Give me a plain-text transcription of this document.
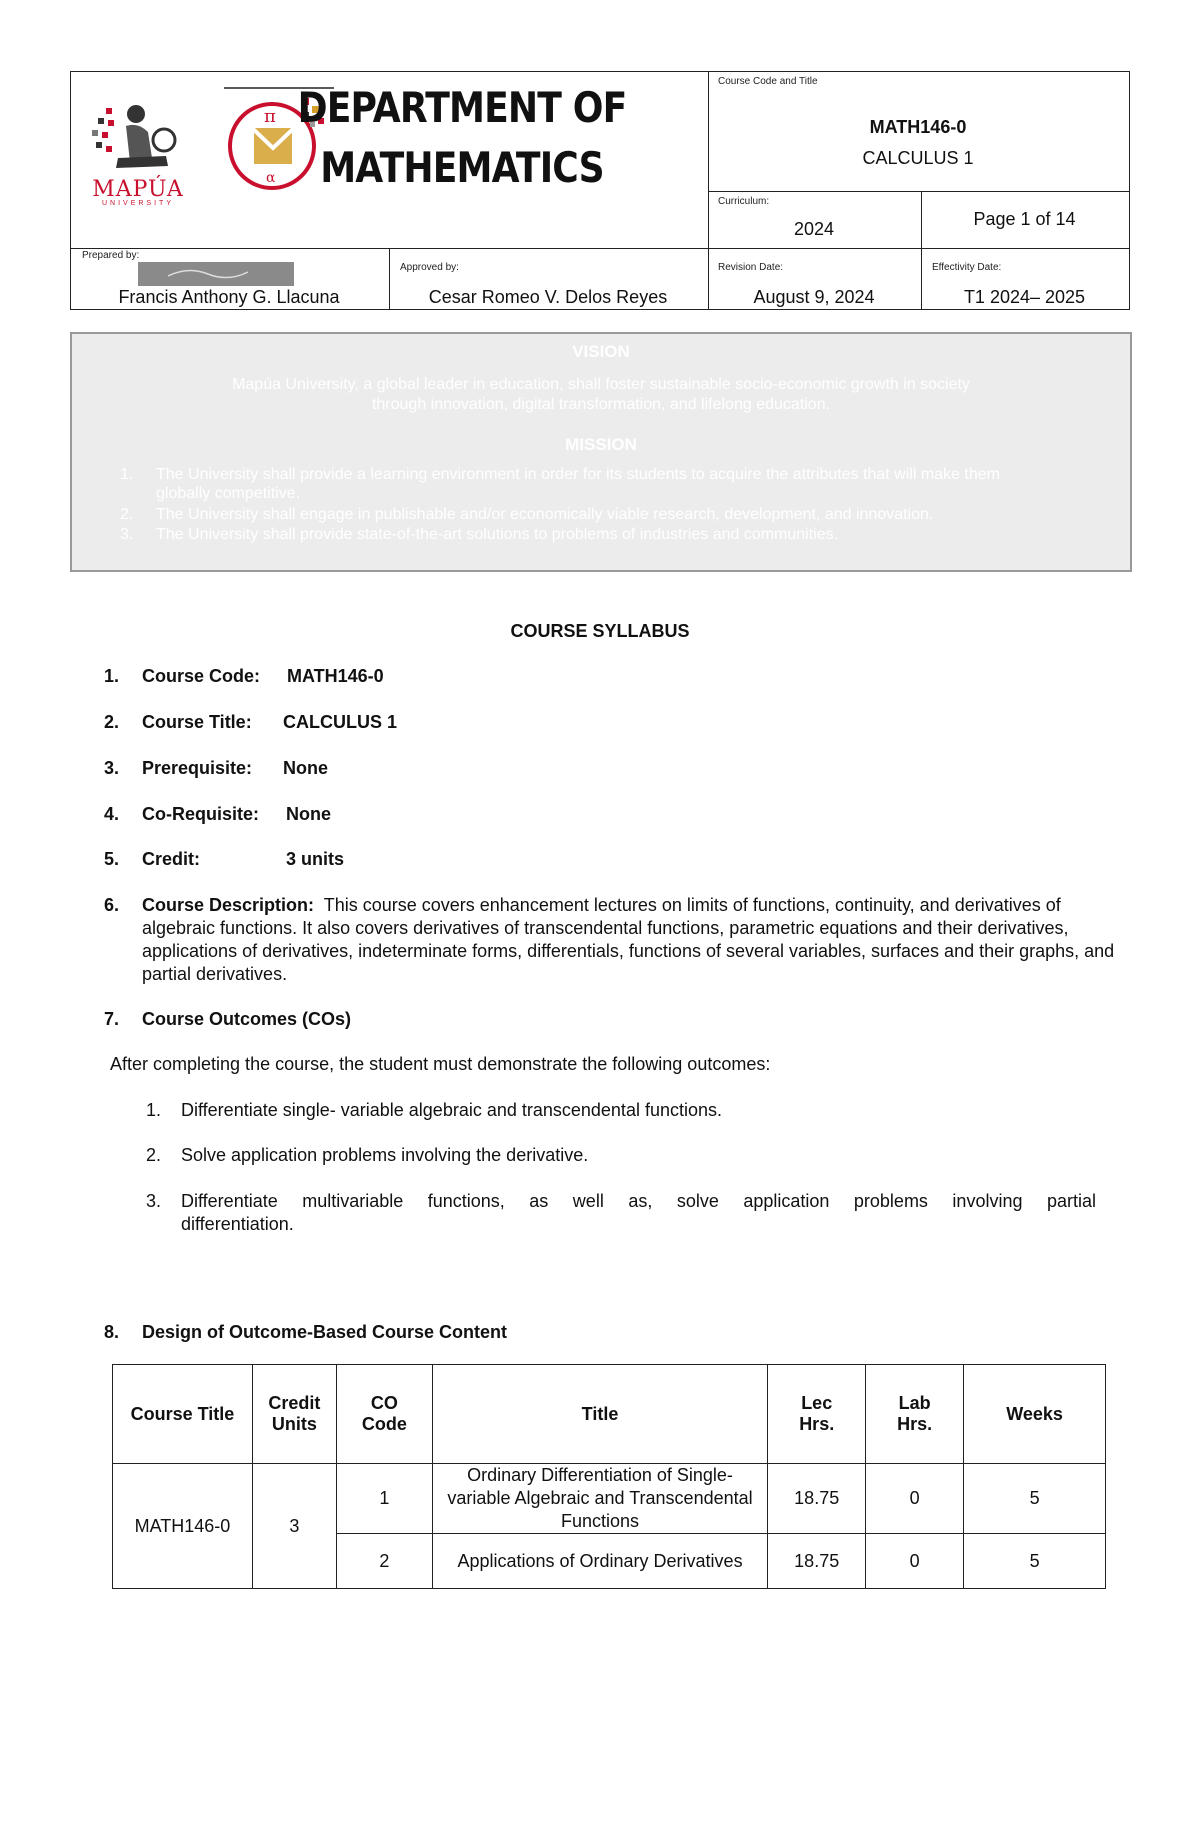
MAPÚA
UNIVERSITY
π
α
DEPARTMENT OF
MATHEMATICS
Course Code and Title
MATH146-0
CALCULUS 1
Curriculum:
2024	Page 1 of 14
Prepared by:
Francis Anthony G. Llacuna
Approved by:
Cesar Romeo V. Delos Reyes
Revision Date:
August 9, 2024
Effectivity Date:
T1 2024– 2025
VISION
Mapúa University, a global leader in education, shall foster sustainable socio-economic growth in society
through innovation, digital transformation, and lifelong education.
MISSION
1. The University shall provide a learning environment in order for its students to acquire the attributes that will make them
globally competitive.
2. The University shall engage in publishable and/or economically viable research, development, and innovation.
3. The University shall provide state-of-the-art solutions to problems of industries and communities.
COURSE SYLLABUS
1. Course Code: MATH146-0
2. Course Title: CALCULUS 1
3. Prerequisite: None
4. Co-Requisite: None
5. Credit:	3 units
6. Course Description: This course covers enhancement lectures on limits of functions, continuity, and derivatives of algebraic functions. It also covers derivatives of transcendental functions, parametric equations and their derivatives, applications of derivatives, indeterminate forms, differentials, functions of several variables, surfaces and their graphs, and partial derivatives.
7. Course Outcomes (COs)
After completing the course, the student must demonstrate the following outcomes:
1. Differentiate single- variable algebraic and transcendental functions.
2. Solve application problems involving the derivative.
3. Differentiate multivariable functions, as well as, solve application problems involving partial differentiation.
8. Design of Outcome-Based Course Content
Course Title	Credit Units	CO Code	Title	Lec Hrs.	Lab Hrs.	Weeks
MATH146-0	3	1	Ordinary Differentiation of Single-variable Algebraic and Transcendental Functions	18.75	0	5
		2	Applications of Ordinary Derivatives	18.75	0	5
